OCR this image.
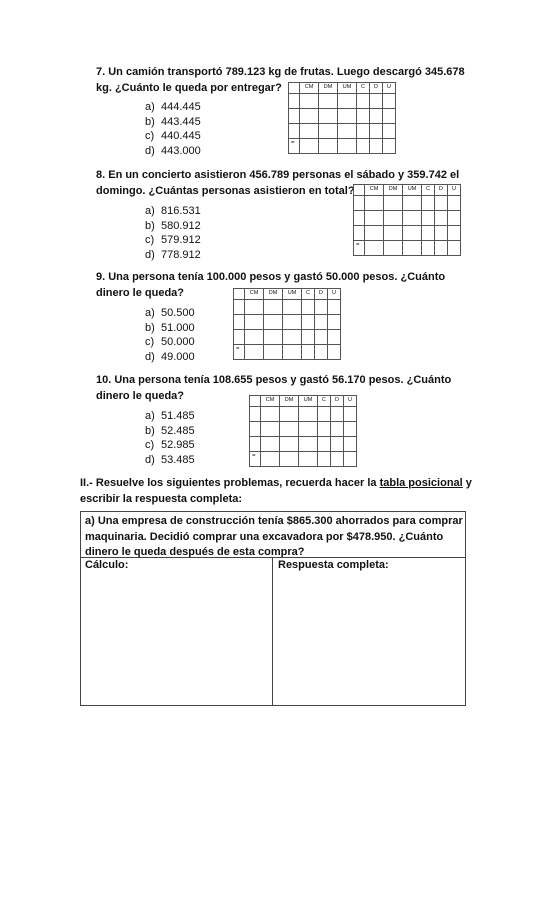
7. Un camión transportó 789.123 kg de frutas. Luego descargó 345.678
kg. ¿Cuánto le queda por entregar?
		CM	DM	UM	C	D	U

=						
a) 444.445
b) 443.445
c) 440.445
d) 443.000
8. En un concierto asistieron 456.789 personas el sábado y 359.742 el
domingo. ¿Cuántas personas asistieron en total?
		CM	DM	UM	C	D	U

=						
a) 816.531
b) 580.912
c) 579.912
d) 778.912
9. Una persona tenía 100.000 pesos y gastó 50.000 pesos. ¿Cuánto
dinero le queda?
		CM	DM	UM	C	D	U

=						
a) 50.500
b) 51.000
c) 50.000
d) 49.000
10. Una persona tenía 108.655 pesos y gastó 56.170 pesos. ¿Cuánto
dinero le queda?
		CM	DM	UM	C	D	U

=						
a) 51.485
b) 52.485
c) 52.985
d) 53.485
II.- Resuelve los siguientes problemas, recuerda hacer la tabla posicional y
escribir la respuesta completa:
a) Una empresa de construcción tenía $865.300 ahorrados para comprar
maquinaria. Decidió comprar una excavadora por $478.950. ¿Cuánto
dinero le queda después de esta compra?
Cálculo:	Respuesta completa:
